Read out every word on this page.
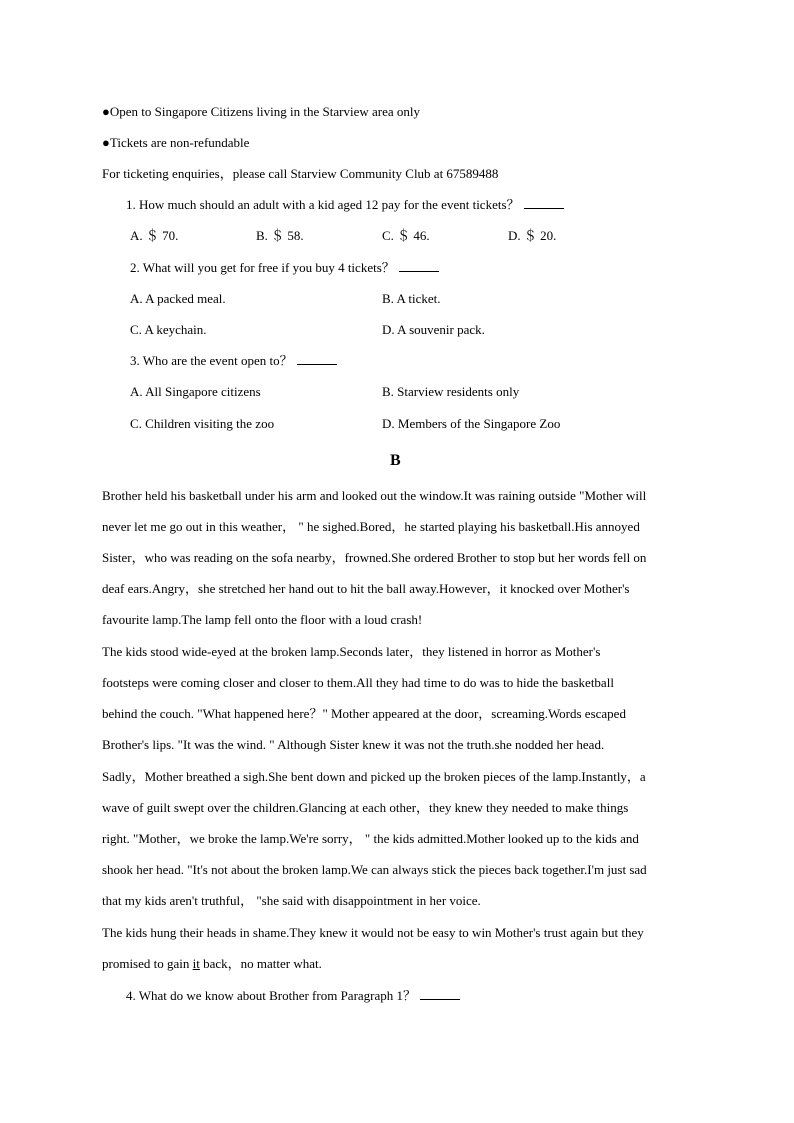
●Open to Singapore Citizens living in the Starview area only
●Tickets are non-refundable
For ticketing enquiries，please call Starview Community Club at 67589488
1. How much should an adult with a kid aged 12 pay for the event tickets？
A. ＄ 70.	B. ＄ 58.	C. ＄ 46.	D. ＄ 20.
2. What will you get for free if you buy 4 tickets？
A. A packed meal.	B. A ticket.
C. A keychain.	D. A souvenir pack.
3. Who are the event open to？
A. All Singapore citizens	B. Starview residents only
C. Children visiting the zoo	D. Members of the Singapore Zoo
B
Brother held his basketball under his arm and looked out the window.It was raining outside "Mother will
never let me go out in this weather， " he sighed.Bored，he started playing his basketball.His annoyed
Sister，who was reading on the sofa nearby，frowned.She ordered Brother to stop but her words fell on
deaf ears.Angry，she stretched her hand out to hit the ball away.However，it knocked over Mother's
favourite lamp.The lamp fell onto the floor with a loud crash!
The kids stood wide-eyed at the broken lamp.Seconds later，they listened in horror as Mother's
footsteps were coming closer and closer to them.All they had time to do was to hide the basketball
behind the couch. "What happened here？" Mother appeared at the door，screaming.Words escaped
Brother's lips. "It was the wind. " Although Sister knew it was not the truth.she nodded her head.
Sadly，Mother breathed a sigh.She bent down and picked up the broken pieces of the lamp.Instantly，a
wave of guilt swept over the children.Glancing at each other，they knew they needed to make things
right. "Mother，we broke the lamp.We're sorry， " the kids admitted.Mother looked up to the kids and
shook her head. "It's not about the broken lamp.We can always stick the pieces back together.I'm just sad
that my kids aren't truthful， "she said with disappointment in her voice.
The kids hung their heads in shame.They knew it would not be easy to win Mother's trust again but they
promised to gain it back，no matter what.
4. What do we know about Brother from Paragraph 1？
